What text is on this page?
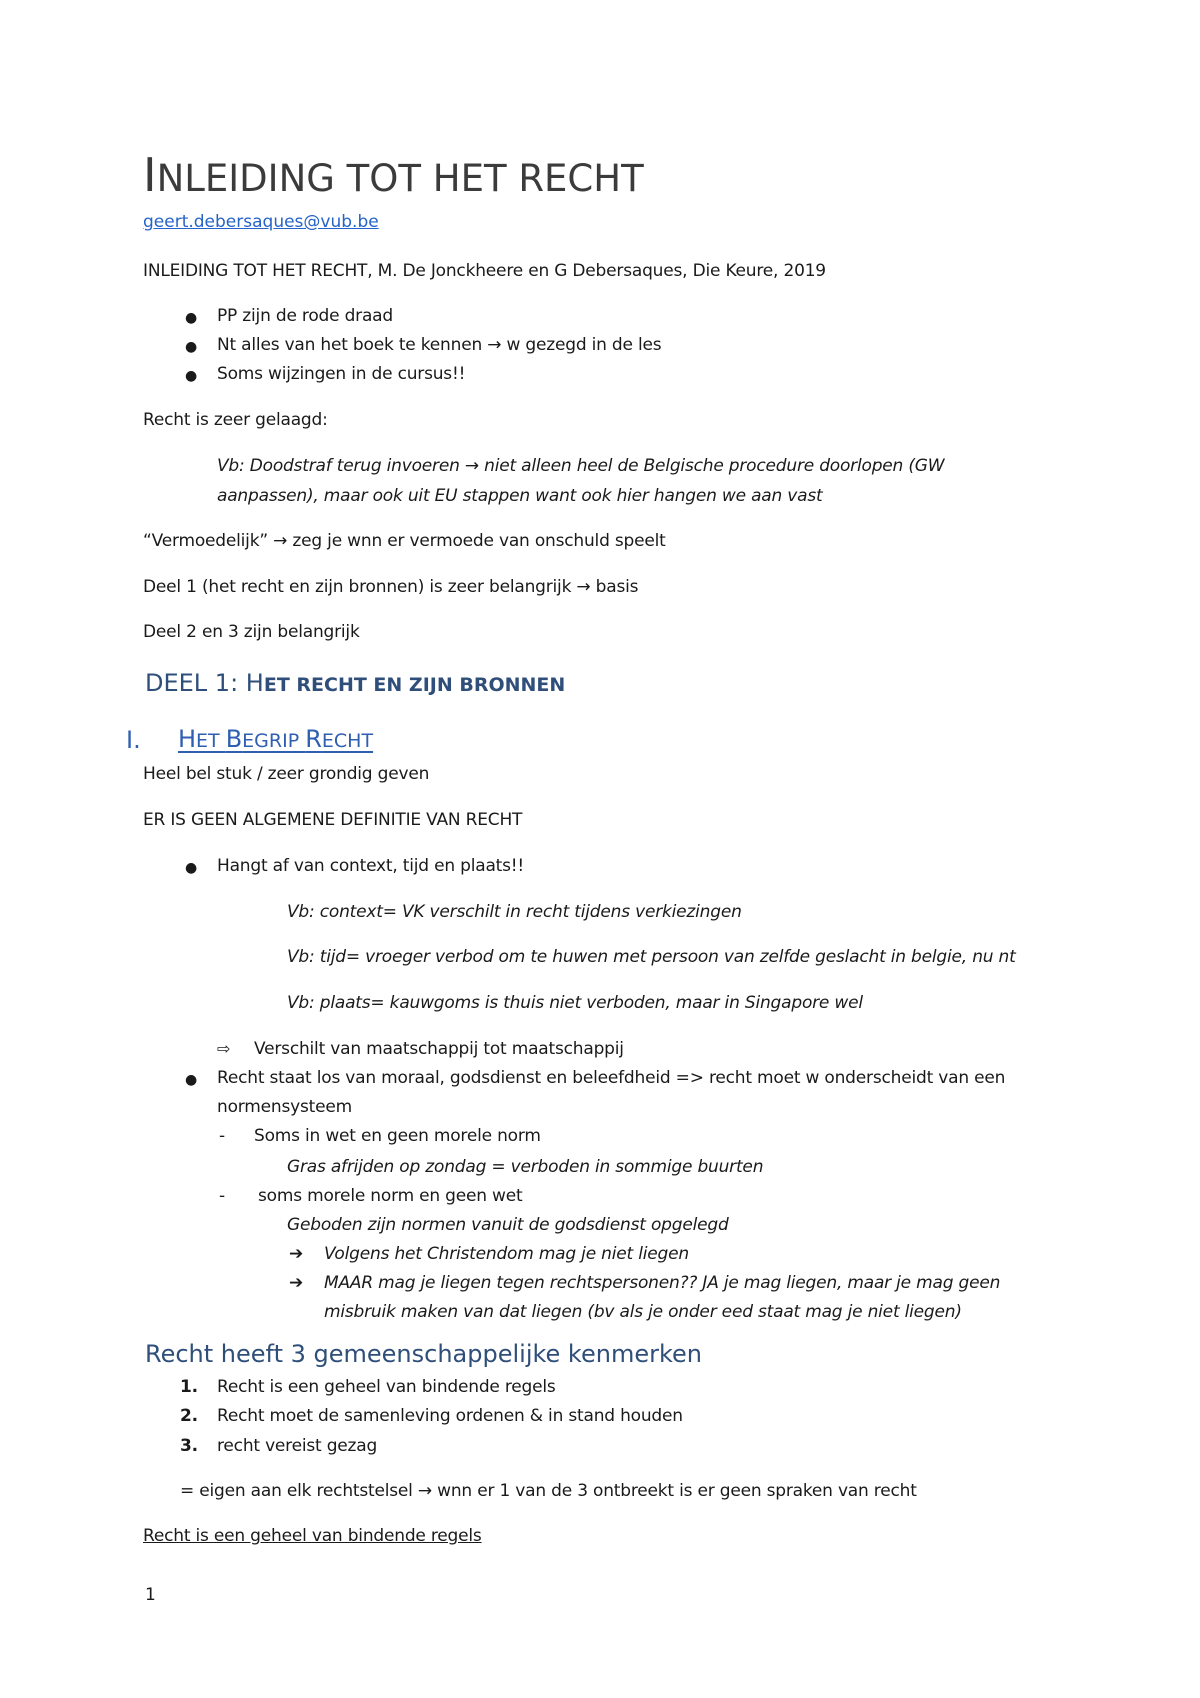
INLEIDING TOT HET RECHT
geert.debersaques@vub.be
INLEIDING TOT HET RECHT, M. De Jonckheere en G Debersaques, Die Keure, 2019
● PP zijn de rode draad
● Nt alles van het boek te kennen → w gezegd in de les
● Soms wijzingen in de cursus!!
Recht is zeer gelaagd:
Vb: Doodstraf terug invoeren → niet alleen heel de Belgische procedure doorlopen (GW
aanpassen), maar ook uit EU stappen want ook hier hangen we aan vast
“Vermoedelijk” → zeg je wnn er vermoede van onschuld speelt
Deel 1 (het recht en zijn bronnen) is zeer belangrijk → basis
Deel 2 en 3 zijn belangrijk
DEEL 1: HET RECHT EN ZIJN BRONNEN
I. HET BEGRIP RECHT
Heel bel stuk / zeer grondig geven
ER IS GEEN ALGEMENE DEFINITIE VAN RECHT
● Hangt af van context, tijd en plaats!!
Vb: context= VK verschilt in recht tijdens verkiezingen
Vb: tijd= vroeger verbod om te huwen met persoon van zelfde geslacht in belgie, nu nt
Vb: plaats= kauwgoms is thuis niet verboden, maar in Singapore wel
⇨ Verschilt van maatschappij tot maatschappij
● Recht staat los van moraal, godsdienst en beleefdheid => recht moet w onderscheidt van een
normensysteem
- Soms in wet en geen morele norm
Gras afrijden op zondag = verboden in sommige buurten
- soms morele norm en geen wet
Geboden zijn normen vanuit de godsdienst opgelegd
➔ Volgens het Christendom mag je niet liegen
➔ MAAR mag je liegen tegen rechtspersonen?? JA je mag liegen, maar je mag geen
misbruik maken van dat liegen (bv als je onder eed staat mag je niet liegen)
Recht heeft 3 gemeenschappelijke kenmerken
1. Recht is een geheel van bindende regels
2. Recht moet de samenleving ordenen & in stand houden
3. recht vereist gezag
= eigen aan elk rechtstelsel → wnn er 1 van de 3 ontbreekt is er geen spraken van recht
Recht is een geheel van bindende regels
1
